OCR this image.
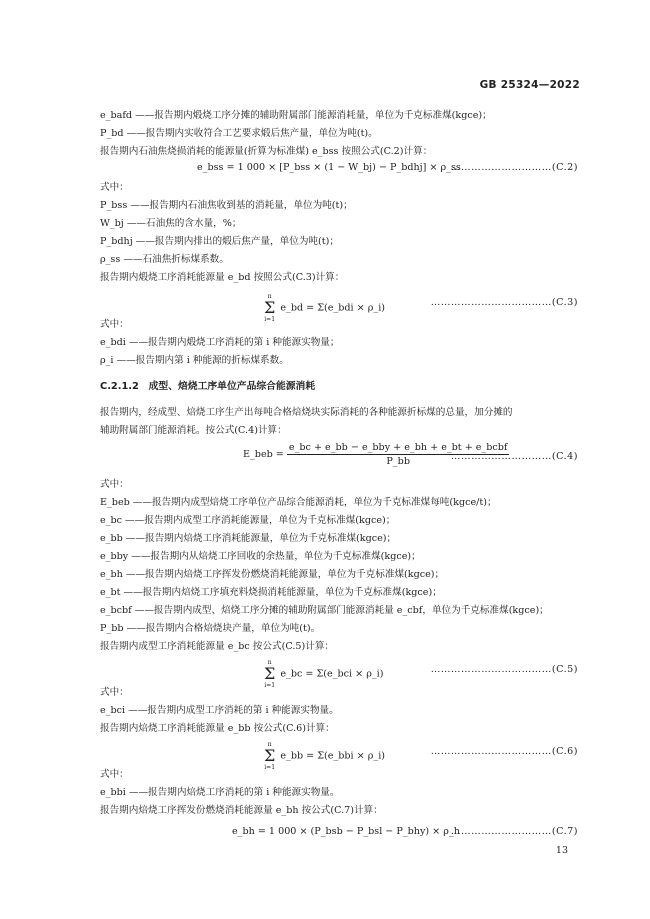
GB 25324—2022
e_bafd ——报告期内煅烧工序分摊的辅助附属部门能源消耗量，单位为千克标准煤(kgce)；
P_bd ——报告期内实收符合工艺要求煅后焦产量，单位为吨(t)。
报告期内石油焦烧损消耗的能源量(折算为标准煤) e_bss 按照公式(C.2)计算：
e_bss = 1 000 × [P_bss × (1 − W_bj) − P_bdhj] × ρ_ss
…………………………(C.2)
式中：
P_bss ——报告期内石油焦收到基的消耗量，单位为吨(t)；
W_bj ——石油焦的含水量，%；
P_bdhj ——报告期内排出的煅后焦产量，单位为吨(t)；
ρ_ss ——石油焦折标煤系数。
报告期内煅烧工序消耗能源量 e_bd 按照公式(C.3)计算：
n
Σ
i=1 e_bd = Σ(e_bdi × ρ_i)	………………………………(C.3)
式中：
e_bdi ——报告期内煅烧工序消耗的第 i 种能源实物量；
ρ_i ——报告期内第 i 种能源的折标煤系数。
C.2.1.2　成型、焙烧工序单位产品综合能源消耗
报告期内，经成型、焙烧工序生产出每吨合格焙烧块实际消耗的各种能源折标煤的总量，加分摊的
辅助附属部门能源消耗。按公式(C.4)计算：
E_beb = $\frac{\text{e\_bc + e\_bb − e\_bby + e\_bh + e\_bt + e\_bcbf}}{P\_bb}$
…………………………(C.4)
式中：
E_beb ——报告期内成型焙烧工序单位产品综合能源消耗，单位为千克标准煤每吨(kgce/t)；
e_bc ——报告期内成型工序消耗能源量，单位为千克标准煤(kgce)；
e_bb ——报告期内焙烧工序消耗能源量，单位为千克标准煤(kgce)；
e_bby ——报告期内从焙烧工序回收的余热量，单位为千克标准煤(kgce)；
e_bh ——报告期内焙烧工序挥发份燃烧消耗能源量，单位为千克标准煤(kgce)；
e_bt ——报告期内焙烧工序填充料烧损消耗能源量，单位为千克标准煤(kgce)；
e_bcbf ——报告期内成型、焙烧工序分摊的辅助附属部门能源消耗量 e_cbf，单位为千克标准煤(kgce)；
P_bb ——报告期内合格焙烧块产量，单位为吨(t)。
报告期内成型工序消耗能源量 e_bc 按公式(C.5)计算：
n
Σ
i=1 e_bc = Σ(e_bci × ρ_i)	………………………………(C.5)
式中：
e_bci ——报告期内成型工序消耗的第 i 种能源实物量。
报告期内焙烧工序消耗能源量 e_bb 按公式(C.6)计算：
n
Σ
i=1 e_bb = Σ(e_bbi × ρ_i)	………………………………(C.6)
式中：
e_bbi ——报告期内焙烧工序消耗的第 i 种能源实物量。
报告期内焙烧工序挥发份燃烧消耗能源量 e_bh 按公式(C.7)计算：
e_bh = 1 000 × (P_bsb − P_bsl − P_bhy) × ρ_h
…………………………(C.7)
13
